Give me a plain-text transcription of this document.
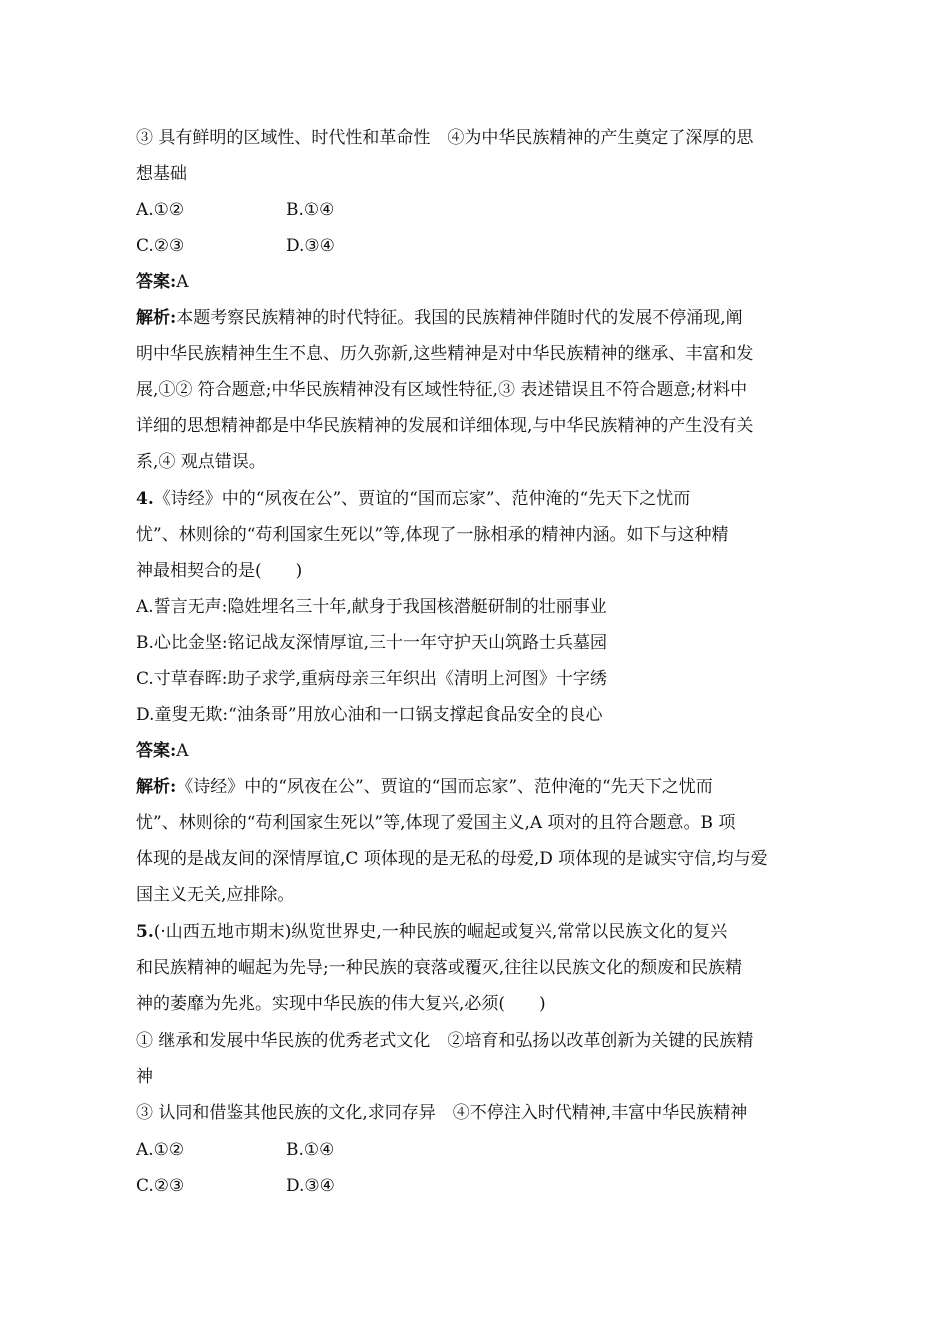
③ 具有鲜明的区域性、时代性和革命性　④为中华民族精神的产生奠定了深厚的思
想基础
A.①②	B.①④
C.②③	D.③④
答案:A
解析:本题考察民族精神的时代特征。我国的民族精神伴随时代的发展不停涌现,阐
明中华民族精神生生不息、历久弥新,这些精神是对中华民族精神的继承、丰富和发
展,①② 符合题意;中华民族精神没有区域性特征,③ 表述错误且不符合题意;材料中
详细的思想精神都是中华民族精神的发展和详细体现,与中华民族精神的产生没有关
系,④ 观点错误。
4.《诗经》中的“夙夜在公”、贾谊的“国而忘家”、范仲淹的“先天下之忧而
忧”、林则徐的“苟利国家生死以”等,体现了一脉相承的精神内涵。如下与这种精
神最相契合的是(　　)
A.誓言无声:隐姓埋名三十年,献身于我国核潜艇研制的壮丽事业
B.心比金坚:铭记战友深情厚谊,三十一年守护天山筑路士兵墓园
C.寸草春晖:助子求学,重病母亲三年织出《清明上河图》十字绣
D.童叟无欺:“油条哥”用放心油和一口锅支撑起食品安全的良心
答案:A
解析:《诗经》中的“夙夜在公”、贾谊的“国而忘家”、范仲淹的“先天下之忧而
忧”、林则徐的“苟利国家生死以”等,体现了爱国主义,A 项对的且符合题意。B 项
体现的是战友间的深情厚谊,C 项体现的是无私的母爱,D 项体现的是诚实守信,均与爱
国主义无关,应排除。
5.(·山西五地市期末)纵览世界史,一种民族的崛起或复兴,常常以民族文化的复兴
和民族精神的崛起为先导;一种民族的衰落或覆灭,往往以民族文化的颓废和民族精
神的萎靡为先兆。实现中华民族的伟大复兴,必须(　　)
① 继承和发展中华民族的优秀老式文化　②培育和弘扬以改革创新为关键的民族精
神
③ 认同和借鉴其他民族的文化,求同存异　④不停注入时代精神,丰富中华民族精神
A.①②	B.①④
C.②③	D.③④
